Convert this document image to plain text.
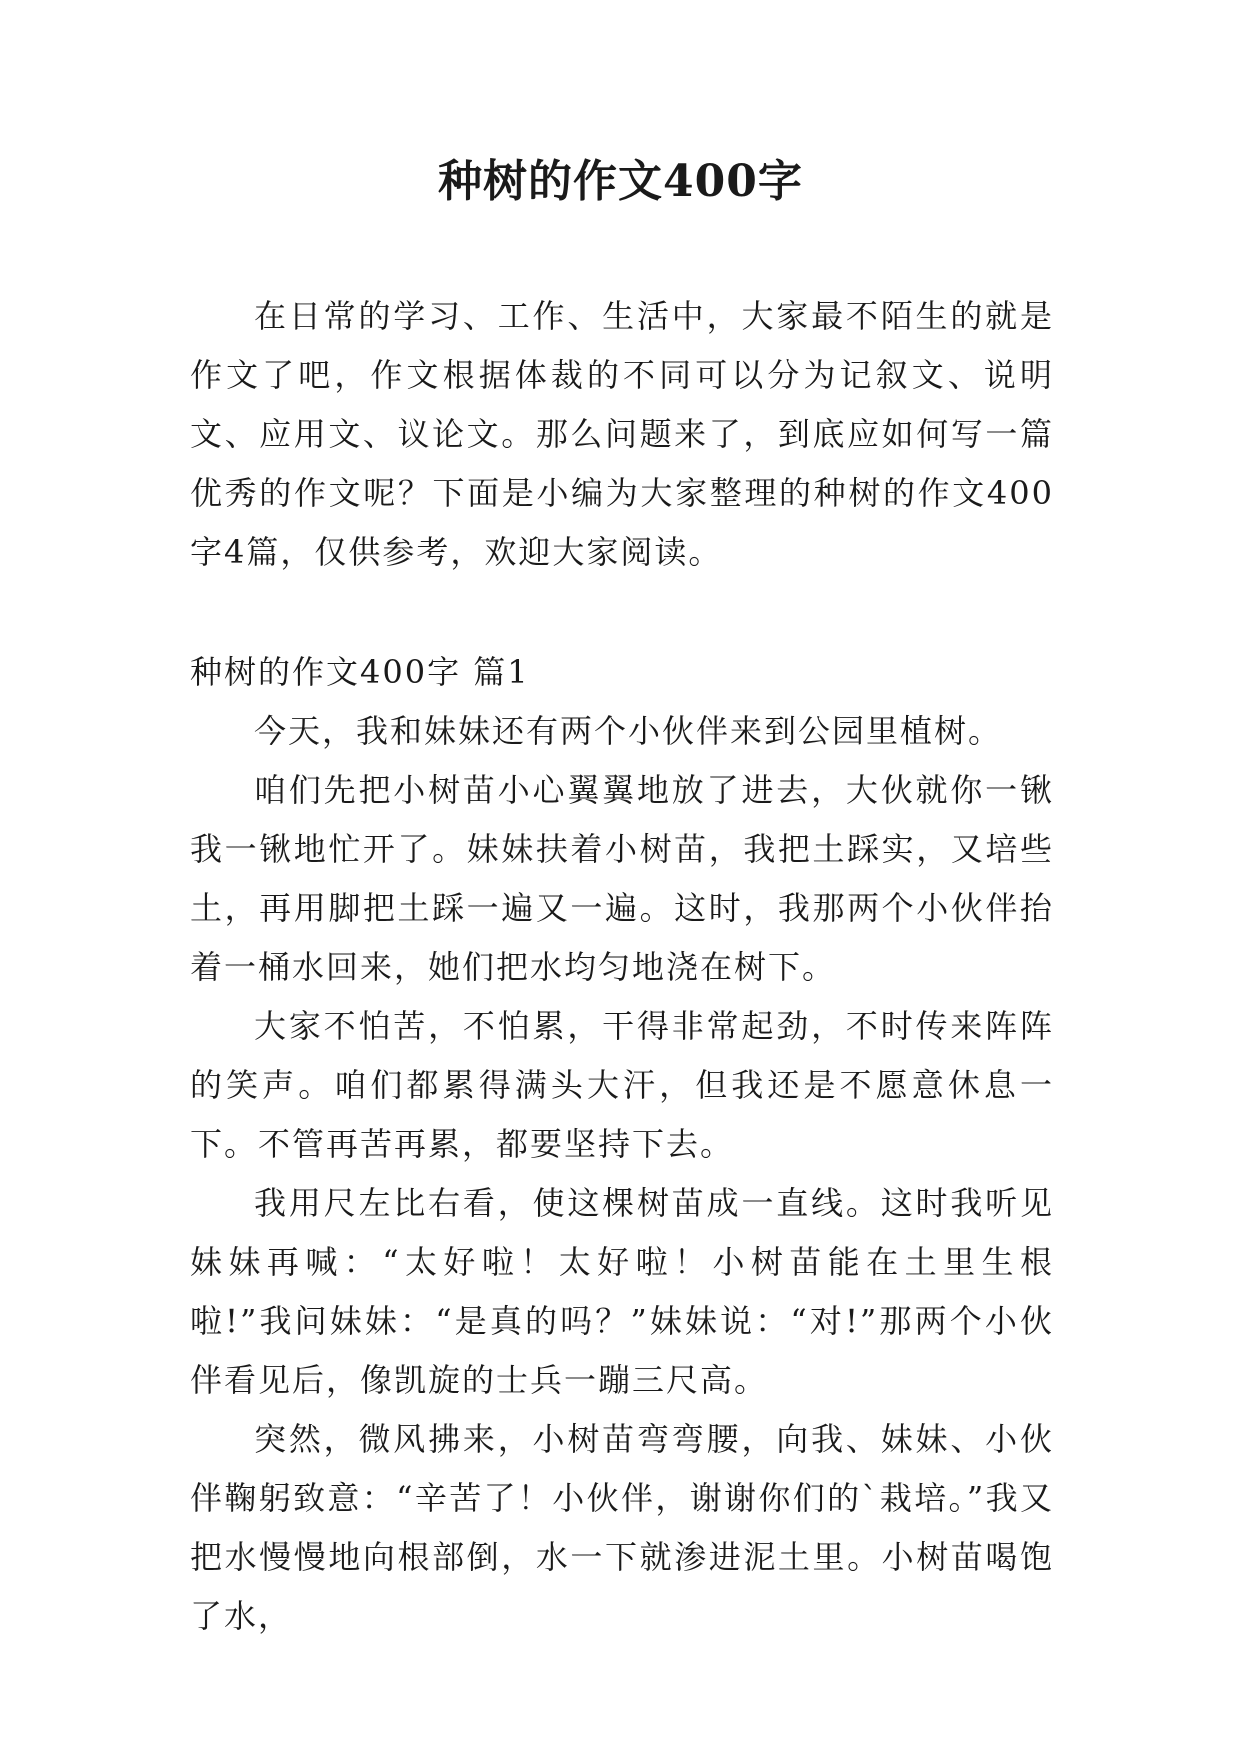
种树的作文400字

在日常的学习、工作、生活中，大家最不陌生的就是作文了吧，作文根据体裁的不同可以分为记叙文、说明文、应用文、议论文。那么问题来了，到底应如何写一篇优秀的作文呢？下面是小编为大家整理的种树的作文400字4篇，仅供参考，欢迎大家阅读。

种树的作文400字 篇1

今天，我和妹妹还有两个小伙伴来到公园里植树。

咱们先把小树苗小心翼翼地放了进去，大伙就你一锹我一锹地忙开了。妹妹扶着小树苗，我把土踩实，又培些土，再用脚把土踩一遍又一遍。这时，我那两个小伙伴抬着一桶水回来，她们把水均匀地浇在树下。

大家不怕苦，不怕累，干得非常起劲，不时传来阵阵的笑声。咱们都累得满头大汗，但我还是不愿意休息一下。不管再苦再累，都要坚持下去。

我用尺左比右看，使这棵树苗成一直线。这时我听见妹妹再喊：“太好啦！太好啦！小树苗能在土里生根啦!”我问妹妹：“是真的吗？”妹妹说：“对!”那两个小伙伴看见后，像凯旋的士兵一蹦三尺高。

突然，微风拂来，小树苗弯弯腰，向我、妹妹、小伙伴鞠躬致意：“辛苦了！小伙伴，谢谢你们的`栽培。”我又把水慢慢地向根部倒，水一下就渗进泥土里。小树苗喝饱了水，
